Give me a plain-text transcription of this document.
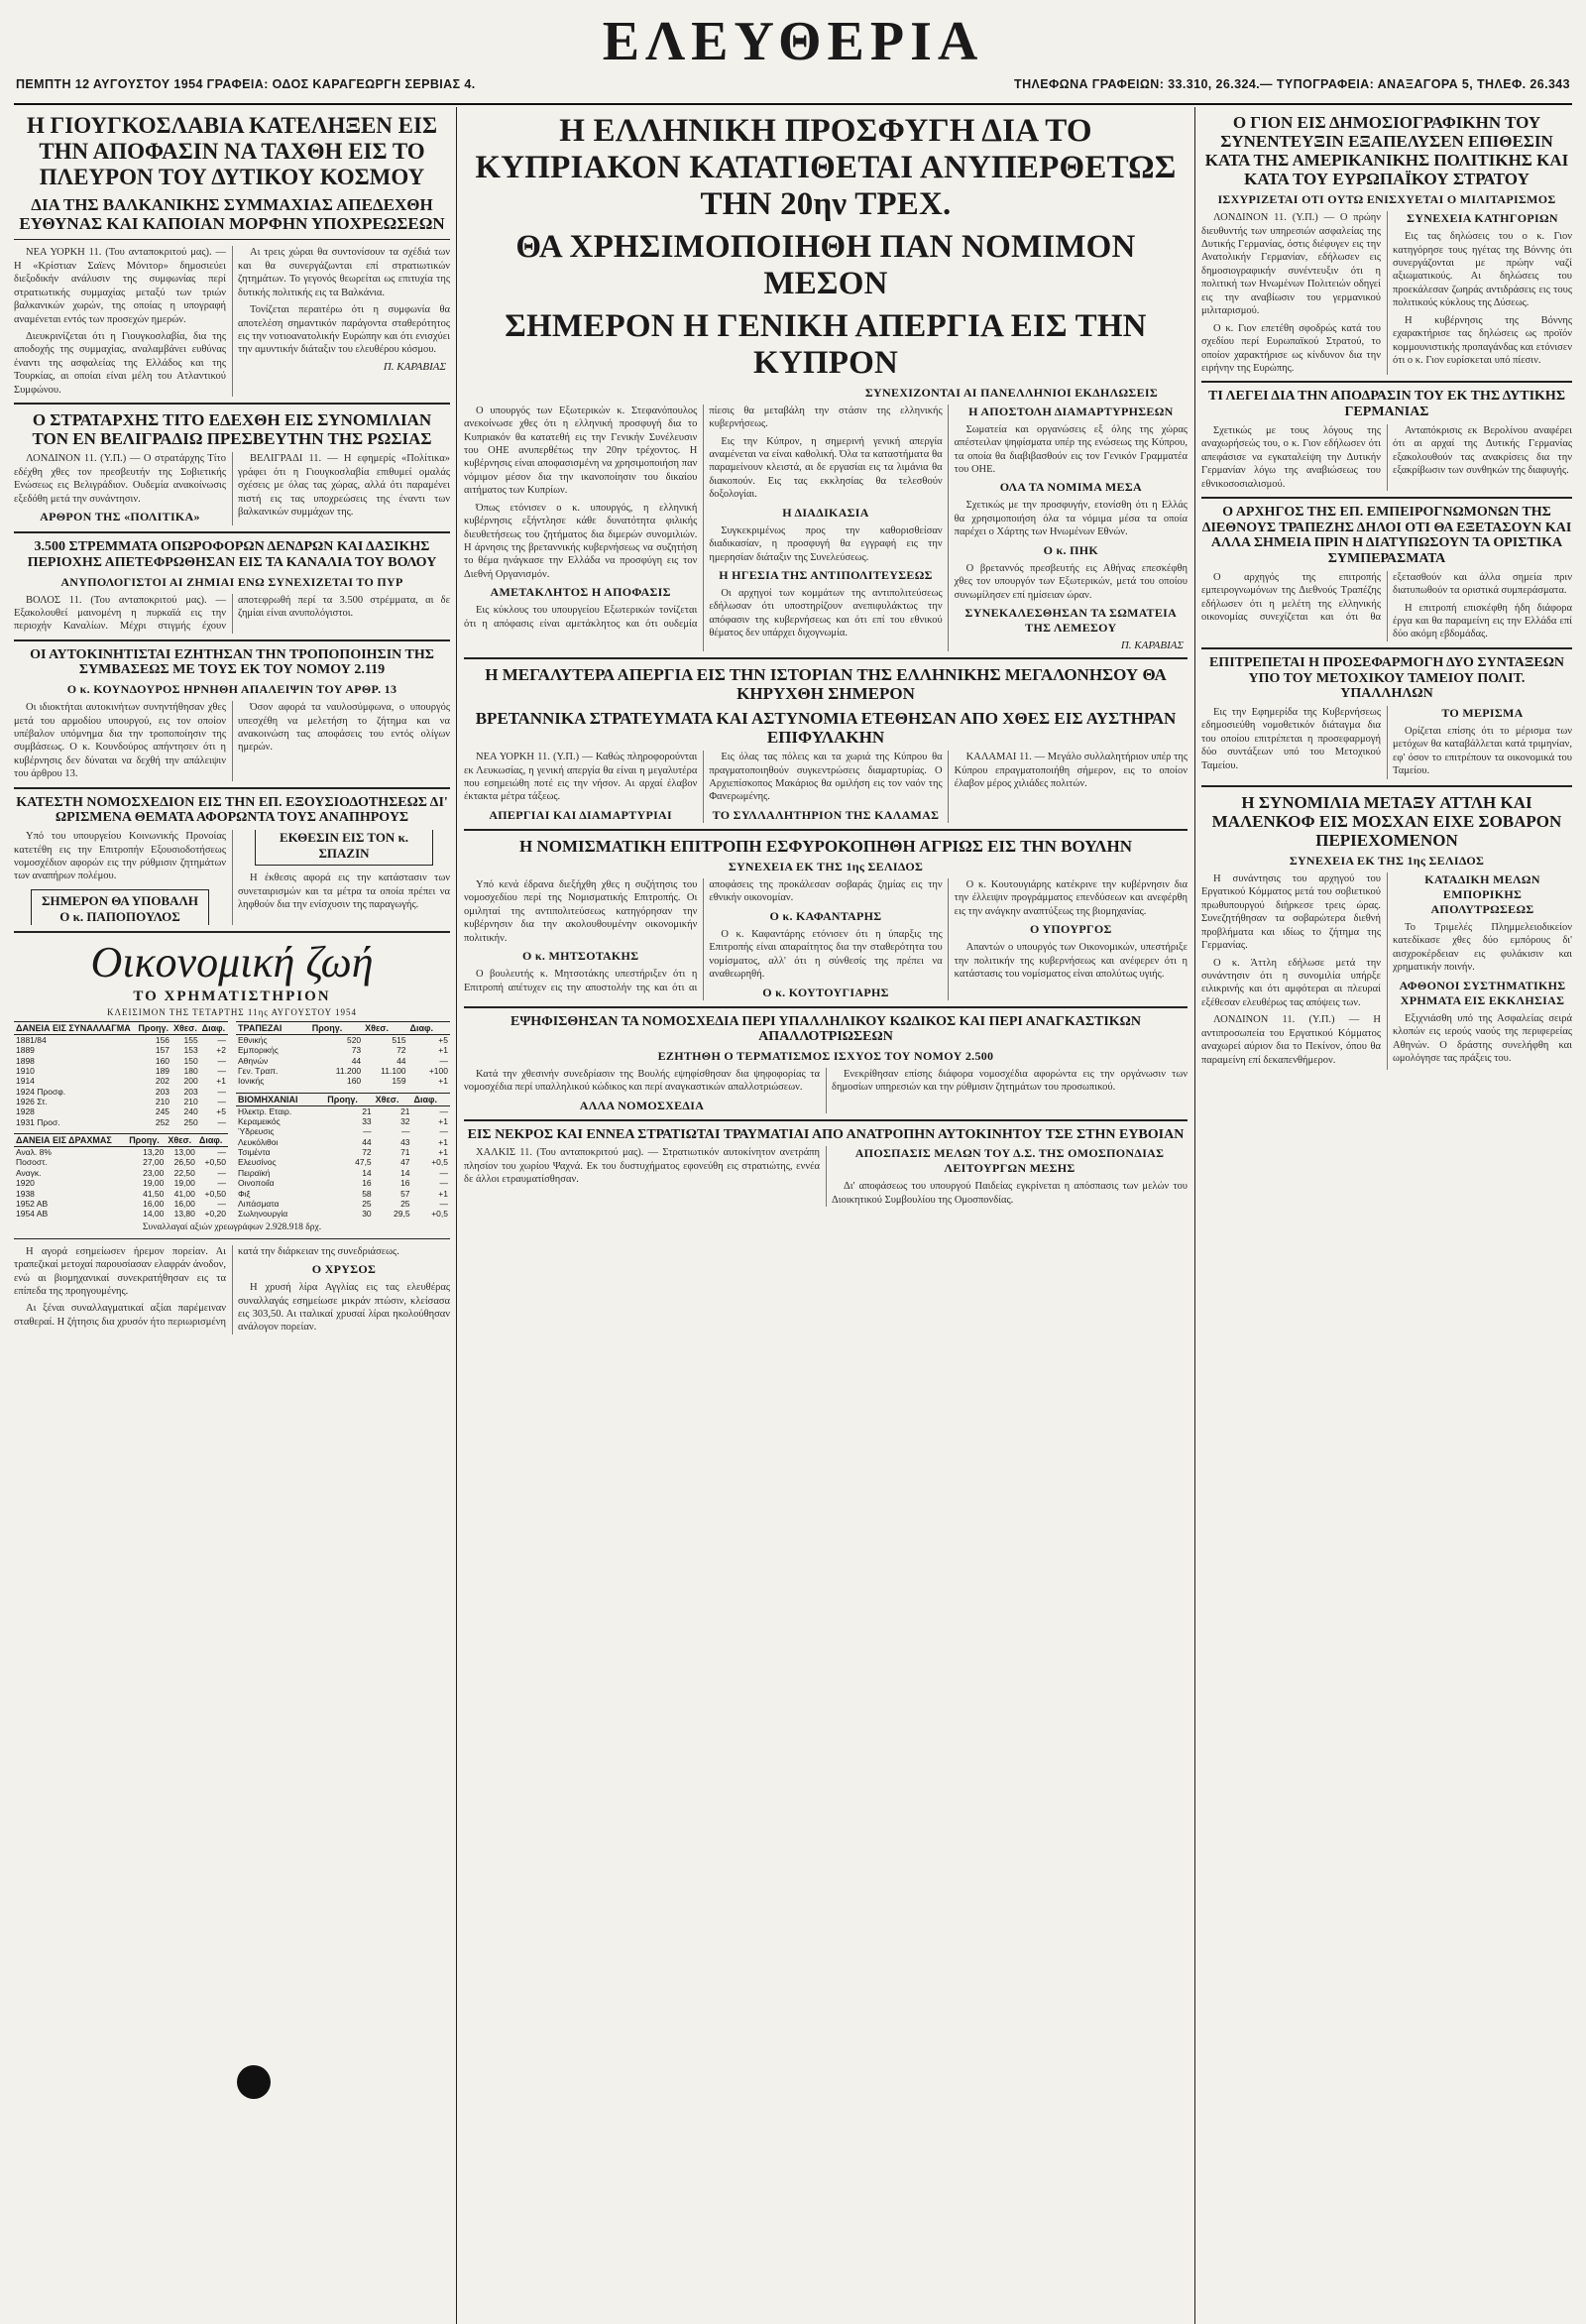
ΠΕΜΠΤΗ 12 ΑΥΓΟΥΣΤΟΥ 1954 ΓΡΑΦΕΙΑ: ΟΔΟΣ ΚΑΡΑΓΕΩΡΓΗ ΣΕΡΒΙΑΣ 4.
ΕΛΕΥΘΕΡΙΑ
ΤΗΛΕΦΩΝΑ ΓΡΑΦΕΙΩΝ: 33.310, 26.324.— ΤΥΠΟΓΡΑΦΕΙΑ: ΑΝΑΞΑΓΟΡΑ 5, ΤΗΛΕΦ. 26.343
Η ΓΙΟΥΓΚΟΣΛΑΒΙΑ ΚΑΤΕΛΗΞΕΝ ΕΙΣ ΤΗΝ ΑΠΟΦΑΣΙΝ ΝΑ ΤΑΧΘΗ ΕΙΣ ΤΟ ΠΛΕΥΡΟΝ ΤΟΥ ΔΥΤΙΚΟΥ ΚΟΣΜΟΥ
ΔΙΑ ΤΗΣ ΒΑΛΚΑΝΙΚΗΣ ΣΥΜΜΑΧΙΑΣ ΑΠΕΔΕΧΘΗ ΕΥΘΥΝΑΣ ΚΑΙ ΚΑΠΟΙΑΝ ΜΟΡΦΗΝ ΥΠΟΧΡΕΩΣΕΩΝ

ΝΕΑ ΥΟΡΚΗ 11. (Του ανταποκριτού μας). — Η «Κρίστιαν Σαϊενς Μόνιτορ» δημοσιεύει διεξοδικήν ανάλυσιν της συμφωνίας περί στρατιωτικής συμμαχίας μεταξύ των τριών βαλκανικών χωρών, της οποίας η υπογραφή αναμένεται εντός των προσεχών ημερών.

Διευκρινίζεται ότι η Γιουγκοσλαβία, δια της αποδοχής της συμμαχίας, αναλαμβάνει ευθύνας έναντι της ασφαλείας της Ελλάδος και της Τουρκίας, αι οποίαι είναι μέλη του Ατλαντικού Συμφώνου.

Αι τρεις χώραι θα συντονίσουν τα σχέδιά των και θα συνεργάζωνται επί στρατιωτικών ζητημάτων. Το γεγονός θεωρείται ως επιτυχία της δυτικής πολιτικής εις τα Βαλκάνια.

Τονίζεται περαιτέρω ότι η συμφωνία θα αποτελέση σημαντικόν παράγοντα σταθερότητος εις την νοτιοανατολικήν Ευρώπην και ότι ενισχύει την αμυντικήν διάταξιν του ελευθέρου κόσμου.

Π. ΚΑΡΑΒΙΑΣ
Ο ΣΤΡΑΤΑΡΧΗΣ ΤΙΤΟ ΕΔΕΧΘΗ ΕΙΣ ΣΥΝΟΜΙΛΙΑΝ ΤΟΝ ΕΝ ΒΕΛΙΓΡΑΔΙΩ ΠΡΕΣΒΕΥΤΗΝ ΤΗΣ ΡΩΣΙΑΣ

ΛΟΝΔΙΝΟΝ 11. (Υ.Π.) — Ο στρατάρχης Τίτο εδέχθη χθες τον πρεσβευτήν της Σοβιετικής Ενώσεως εις Βελιγράδιον. Ουδεμία ανακοίνωσις εξεδόθη μετά την συνάντησιν.

ΑΡΘΡΟΝ ΤΗΣ «ΠΟΛΙΤΙΚΑ»

ΒΕΛΙΓΡΑΔΙ 11. — Η εφημερίς «Πολίτικα» γράφει ότι η Γιουγκοσλαβία επιθυμεί ομαλάς σχέσεις με όλας τας χώρας, αλλά ότι παραμένει πιστή εις τας υποχρεώσεις της έναντι των βαλκανικών συμμάχων της.

3.500 ΣΤΡΕΜΜΑΤΑ ΟΠΩΡΟΦΟΡΩΝ ΔΕΝΔΡΩΝ ΚΑΙ ΔΑΣΙΚΗΣ ΠΕΡΙΟΧΗΣ ΑΠΕΤΕΦΡΩΘΗΣΑΝ ΕΙΣ ΤΑ ΚΑΝΑΛΙΑ ΤΟΥ ΒΟΛΟΥ
ΑΝΥΠΟΛΟΓΙΣΤΟΙ ΑΙ ΖΗΜΙΑΙ ΕΝΩ ΣΥΝΕΧΙΖΕΤΑΙ ΤΟ ΠΥΡ

ΒΟΛΟΣ 11. (Του ανταποκριτού μας). — Εξακολουθεί μαινομένη η πυρκαϊά εις την περιοχήν Καναλίων. Μέχρι στιγμής έχουν αποτεφρωθή περί τα 3.500 στρέμματα, αι δε ζημίαι είναι ανυπολόγιστοι.

ΟΙ ΑΥΤΟΚΙΝΗΤΙΣΤΑΙ ΕΖΗΤΗΣΑΝ ΤΗΝ ΤΡΟΠΟΠΟΙΗΣΙΝ ΤΗΣ ΣΥΜΒΑΣΕΩΣ ΜΕ ΤΟΥΣ ΕΚ ΤΟΥ ΝΟΜΟΥ 2.119
Ο κ. ΚΟΥΝΔΟΥΡΟΣ ΗΡΝΗΘΗ ΑΠΑΛΕΙΨΙΝ ΤΟΥ ΑΡΘΡ. 13

Οι ιδιοκτήται αυτοκινήτων συνηντήθησαν χθες μετά του αρμοδίου υπουργού, εις τον οποίον υπέβαλον υπόμνημα δια την τροποποίησιν της συμβάσεως. Ο κ. Κουνδούρος απήντησεν ότι η κυβέρνησις δεν δύναται να δεχθή την απάλειψιν του άρθρου 13.

Όσον αφορά τα ναυλοσύμφωνα, ο υπουργός υπεσχέθη να μελετήση το ζήτημα και να ανακοινώση τας αποφάσεις του εντός ολίγων ημερών.

ΚΑΤΕΣΤΗ ΝΟΜΟΣΧΕΔΙΟΝ ΕΙΣ ΤΗΝ ΕΠ. ΕΞΟΥΣΙΟΔΟΤΗΣΕΩΣ ΔΙ' ΩΡΙΣΜΕΝΑ ΘΕΜΑΤΑ ΑΦΟΡΩΝΤΑ ΤΟΥΣ ΑΝΑΠΗΡΟΥΣ

Υπό του υπουργείου Κοινωνικής Προνοίας κατετέθη εις την Επιτροπήν Εξουσιοδοτήσεως νομοσχέδιον αφορών εις την ρύθμισιν ζητημάτων των αναπήρων πολέμου.

ΣΗΜΕΡΟΝ ΘΑ ΥΠΟΒΑΛΗ Ο κ. ΠΑΠΟΠΟΥΛΟΣ ΕΚΘΕΣΙΝ ΕΙΣ ΤΟΝ κ. ΣΠΑΖΙΝ

Η έκθεσις αφορά εις την κατάστασιν των συνεταιρισμών και τα μέτρα τα οποία πρέπει να ληφθούν δια την ενίσχυσιν της παραγωγής.

Οικονομική ζωή
ΤΟ ΧΡΗΜΑΤΙΣΤΗΡΙΟΝ
ΚΛΕΙΣΙΜΟΝ ΤΗΣ ΤΕΤΑΡΤΗΣ 11ης ΑΥΓΟΥΣΤΟΥ 1954
ΔΑΝΕΙΑ ΕΙΣ ΣΥΝΑΛΛΑΓΜΑ	Προηγ.	Χθεσ.	Διαφ.
1881/84	156	155	—
1889	157	153	+2
1898	160	150	—
1910	189	180	—
1914	202	200	+1
1924 Προσφ.	203	203	—
1926 Στ.	210	210	—
1928	245	240	+5
1931 Προσ.	252	250	—
ΔΑΝΕΙΑ ΕΙΣ ΔΡΑΧΜΑΣ	Προηγ.	Χθεσ.	Διαφ.
Αναλ. 8%	13,20	13,00	—
Ποσοστ.	27,00	26,50	+0,50
Αναγκ.	23,00	22,50	—
1920	19,00	19,00	—
1938	41,50	41,00	+0,50
1952 ΑΒ	16,00	16,00	—
1954 ΑΒ	14,00	13,80	+0,20
ΤΡΑΠΕΖΑΙ	Προηγ.	Χθεσ.	Διαφ.
Εθνικής	520	515	+5
Εμπορικής	73	72	+1
Αθηνών	44	44	—
Γεν. Τραπ.	11.200	11.100	+100
Ιονικής	160	159	+1
ΒΙΟΜΗΧΑΝΙΑΙ	Προηγ.	Χθεσ.	Διαφ.
Ηλεκτρ. Εταιρ.	21	21	—
Κεραμεικός	33	32	+1
Ύδρευσις	—	—	—
Λευκόλιθοι	44	43	+1
Τσιμέντα	72	71	+1
Ελευσίνος	47,5	47	+0,5
Πειραϊκή	14	14	—
Οινοποιΐα	16	16	—
Φιξ	58	57	+1
Λιπάσματα	25	25	—
Σωληνουργία	30	29,5	+0,5
Συναλλαγαί αξιών χρεωγράφων 2.928.918 δρχ.

Η αγορά εσημείωσεν ήρεμον πορείαν. Αι τραπεζικαί μετοχαί παρουσίασαν ελαφράν άνοδον, ενώ αι βιομηχανικαί συνεκρατήθησαν εις τα επίπεδα της προηγουμένης.

Αι ξέναι συναλλαγματικαί αξίαι παρέμειναν σταθεραί. Η ζήτησις δια χρυσόν ήτο περιωρισμένη κατά την διάρκειαν της συνεδριάσεως.

Ο ΧΡΥΣΟΣ

Η χρυσή λίρα Αγγλίας εις τας ελευθέρας συναλλαγάς εσημείωσε μικράν πτώσιν, κλείσασα εις 303,50. Αι ιταλικαί χρυσαί λίραι ηκολούθησαν ανάλογον πορείαν.

Η ΕΛΛΗΝΙΚΗ ΠΡΟΣΦΥΓΗ ΔΙΑ ΤΟ ΚΥΠΡΙΑΚΟΝ ΚΑΤΑΤΙΘΕΤΑΙ ΑΝΥΠΕΡΘΕΤΩΣ ΤΗΝ 20ην ΤΡΕΧ.
ΘΑ ΧΡΗΣΙΜΟΠΟΙΗΘΗ ΠΑΝ ΝΟΜΙΜΟΝ ΜΕΣΟΝ
ΣΗΜΕΡΟΝ Η ΓΕΝΙΚΗ ΑΠΕΡΓΙΑ ΕΙΣ ΤΗΝ ΚΥΠΡΟΝ
ΣΥΝΕΧΙΖΟΝΤΑΙ ΑΙ ΠΑΝΕΛΛΗΝΙΟΙ ΕΚΔΗΛΩΣΕΙΣ

Ο υπουργός των Εξωτερικών κ. Στεφανόπουλος ανεκοίνωσε χθες ότι η ελληνική προσφυγή δια το Κυπριακόν θα κατατεθή εις την Γενικήν Συνέλευσιν του ΟΗΕ ανυπερθέτως την 20ην τρέχοντος. Η κυβέρνησις είναι αποφασισμένη να χρησιμοποιήση παν νόμιμον μέσον δια την ικανοποίησιν του δικαίου αιτήματος των Κυπρίων.

Όπως ετόνισεν ο κ. υπουργός, η ελληνική κυβέρνησις εξήντλησε κάθε δυνατότητα φιλικής διευθετήσεως του ζητήματος δια διμερών συνομιλιών. Η άρνησις της βρεταννικής κυβερνήσεως να συζητήση το θέμα ηνάγκασε την Ελλάδα να προσφύγη εις τον Διεθνή Οργανισμόν.

ΑΜΕΤΑΚΛΗΤΟΣ Η ΑΠΟΦΑΣΙΣ

Εις κύκλους του υπουργείου Εξωτερικών τονίζεται ότι η απόφασις είναι αμετάκλητος και ότι ουδεμία πίεσις θα μεταβάλη την στάσιν της ελληνικής κυβερνήσεως.

Εις την Κύπρον, η σημερινή γενική απεργία αναμένεται να είναι καθολική. Όλα τα καταστήματα θα παραμείνουν κλειστά, αι δε εργασίαι εις τα λιμάνια θα διακοπούν. Εις τας εκκλησίας θα τελεσθούν δοξολογίαι.

Η ΔΙΑΔΙΚΑΣΙΑ

Συγκεκριμένως προς την καθορισθείσαν διαδικασίαν, η προσφυγή θα εγγραφή εις την ημερησίαν διάταξιν της Συνελεύσεως.

Η ΗΓΕΣΙΑ ΤΗΣ ΑΝΤΙΠΟΛΙΤΕΥΣΕΩΣ

Οι αρχηγοί των κομμάτων της αντιπολιτεύσεως εδήλωσαν ότι υποστηρίζουν ανεπιφυλάκτως την απόφασιν της κυβερνήσεως και ότι επί του εθνικού θέματος δεν υπάρχει διχογνωμία.

Η ΑΠΟΣΤΟΛΗ ΔΙΑΜΑΡΤΥΡΗΣΕΩΝ

Σωματεία και οργανώσεις εξ όλης της χώρας απέστειλαν ψηφίσματα υπέρ της ενώσεως της Κύπρου, τα οποία θα διαβιβασθούν εις τον Γενικόν Γραμματέα του ΟΗΕ.

ΟΛΑ ΤΑ ΝΟΜΙΜΑ ΜΕΣΑ

Σχετικώς με την προσφυγήν, ετονίσθη ότι η Ελλάς θα χρησιμοποιήση όλα τα νόμιμα μέσα τα οποία παρέχει ο Χάρτης των Ηνωμένων Εθνών.

Ο κ. ΠΗΚ

Ο βρεταννός πρεσβευτής εις Αθήνας επεσκέφθη χθες τον υπουργόν των Εξωτερικών, μετά του οποίου συνωμίλησεν επί ημίσειαν ώραν.

ΣΥΝΕΚΑΛΕΣΘΗΣΑΝ ΤΑ ΣΩΜΑΤΕΙΑ ΤΗΣ ΛΕΜΕΣΟΥ
Π. ΚΑΡΑΒΙΑΣ
Η ΜΕΓΑΛΥΤΕΡΑ ΑΠΕΡΓΙΑ ΕΙΣ ΤΗΝ ΙΣΤΟΡΙΑΝ ΤΗΣ ΕΛΛΗΝΙΚΗΣ ΜΕΓΑΛΟΝΗΣΟΥ ΘΑ ΚΗΡΥΧΘΗ ΣΗΜΕΡΟΝ
ΒΡΕΤΑΝΝΙΚΑ ΣΤΡΑΤΕΥΜΑΤΑ ΚΑΙ ΑΣΤΥΝΟΜΙΑ ΕΤΕΘΗΣΑΝ ΑΠΟ ΧΘΕΣ ΕΙΣ ΑΥΣΤΗΡΑΝ ΕΠΙΦΥΛΑΚΗΝ

ΝΕΑ ΥΟΡΚΗ 11. (Υ.Π.) — Καθώς πληροφορούνται εκ Λευκωσίας, η γενική απεργία θα είναι η μεγαλυτέρα που εσημειώθη ποτέ εις την νήσον. Αι αρχαί έλαβον έκτακτα μέτρα τάξεως.

ΑΠΕΡΓΙΑΙ ΚΑΙ ΔΙΑΜΑΡΤΥΡΙΑΙ

Εις όλας τας πόλεις και τα χωριά της Κύπρου θα πραγματοποιηθούν συγκεντρώσεις διαμαρτυρίας. Ο Αρχιεπίσκοπος Μακάριος θα ομιλήση εις τον ναόν της Φανερωμένης.

ΤΟ ΣΥΛΛΑΛΗΤΗΡΙΟΝ ΤΗΣ ΚΑΛΑΜΑΣ

ΚΑΛΑΜΑΙ 11. — Μεγάλο συλλαλητήριον υπέρ της Κύπρου επραγματοποιήθη σήμερον, εις το οποίον έλαβον μέρος χιλιάδες πολιτών.

Η ΝΟΜΙΣΜΑΤΙΚΗ ΕΠΙΤΡΟΠΗ ΕΣΦΥΡΟΚΟΠΗΘΗ ΑΓΡΙΩΣ ΕΙΣ ΤΗΝ ΒΟΥΛΗΝ
ΣΥΝΕΧΕΙΑ ΕΚ ΤΗΣ 1ης ΣΕΛΙΔΟΣ

Υπό κενά έδρανα διεξήχθη χθες η συζήτησις του νομοσχεδίου περί της Νομισματικής Επιτροπής. Οι ομιληταί της αντιπολιτεύσεως κατηγόρησαν την κυβέρνησιν δια την ακολουθουμένην οικονομικήν πολιτικήν.

Ο κ. ΜΗΤΣΟΤΑΚΗΣ

Ο βουλευτής κ. Μητσοτάκης υπεστήριξεν ότι η Επιτροπή απέτυχεν εις την αποστολήν της και ότι αι αποφάσεις της προκάλεσαν σοβαράς ζημίας εις την εθνικήν οικονομίαν.

Ο κ. ΚΑΦΑΝΤΑΡΗΣ

Ο κ. Καφαντάρης ετόνισεν ότι η ύπαρξις της Επιτροπής είναι απαραίτητος δια την σταθερότητα του νομίσματος, αλλ' ότι η σύνθεσίς της πρέπει να αναθεωρηθή.

Ο κ. ΚΟΥΤΟΥΓΙΑΡΗΣ

Ο κ. Κουτουγιάρης κατέκρινε την κυβέρνησιν δια την έλλειψιν προγράμματος επενδύσεων και ανεφέρθη εις την ανάγκην αναπτύξεως της βιομηχανίας.

Ο ΥΠΟΥΡΓΟΣ

Απαντών ο υπουργός των Οικονομικών, υπεστήριξε την πολιτικήν της κυβερνήσεως και ανέφερεν ότι η κατάστασις του νομίσματος είναι απολύτως υγιής.

ΕΨΗΦΙΣΘΗΣΑΝ ΤΑ ΝΟΜΟΣΧΕΔΙΑ ΠΕΡΙ ΥΠΑΛΛΗΛΙΚΟΥ ΚΩΔΙΚΟΣ ΚΑΙ ΠΕΡΙ ΑΝΑΓΚΑΣΤΙΚΩΝ ΑΠΑΛΛΟΤΡΙΩΣΕΩΝ
ΕΖΗΤΗΘΗ Ο ΤΕΡΜΑΤΙΣΜΟΣ ΙΣΧΥΟΣ ΤΟΥ ΝΟΜΟΥ 2.500

Κατά την χθεσινήν συνεδρίασιν της Βουλής εψηφίσθησαν δια ψηφοφορίας τα νομοσχέδια περί υπαλληλικού κώδικος και περί αναγκαστικών απαλλοτριώσεων.

ΑΛΛΑ ΝΟΜΟΣΧΕΔΙΑ

Ενεκρίθησαν επίσης διάφορα νομοσχέδια αφορώντα εις την οργάνωσιν των δημοσίων υπηρεσιών και την ρύθμισιν ζητημάτων του προσωπικού.

ΕΙΣ ΝΕΚΡΟΣ ΚΑΙ ΕΝΝΕΑ ΣΤΡΑΤΙΩΤΑΙ ΤΡΑΥΜΑΤΙΑΙ ΑΠΟ ΑΝΑΤΡΟΠΗΝ ΑΥΤΟΚΙΝΗΤΟΥ ΤΣΕ ΣΤΗΝ ΕΥΒΟΙΑΝ

ΧΑΛΚΙΣ 11. (Του ανταποκριτού μας). — Στρατιωτικόν αυτοκίνητον ανετράπη πλησίον του χωρίου Ψαχνά. Εκ του δυστυχήματος εφονεύθη εις στρατιώτης, εννέα δε άλλοι ετραυματίσθησαν.

ΑΠΟΣΠΑΣΙΣ ΜΕΛΩΝ ΤΟΥ Δ.Σ. ΤΗΣ ΟΜΟΣΠΟΝΔΙΑΣ ΛΕΙΤΟΥΡΓΩΝ ΜΕΣΗΣ

Δι' αποφάσεως του υπουργού Παιδείας εγκρίνεται η απόσπασις των μελών του Διοικητικού Συμβουλίου της Ομοσπονδίας.

Ο ΓΙΟΝ ΕΙΣ ΔΗΜΟΣΙΟΓΡΑΦΙΚΗΝ ΤΟΥ ΣΥΝΕΝΤΕΥΞΙΝ ΕΞΑΠΕΛΥΣΕΝ ΕΠΙΘΕΣΙΝ ΚΑΤΑ ΤΗΣ ΑΜΕΡΙΚΑΝΙΚΗΣ ΠΟΛΙΤΙΚΗΣ ΚΑΙ ΚΑΤΑ ΤΟΥ ΕΥΡΩΠΑΪΚΟΥ ΣΤΡΑΤΟΥ
ΙΣΧΥΡΙΖΕΤΑΙ ΟΤΙ ΟΥΤΩ ΕΝΙΣΧΥΕΤΑΙ Ο ΜΙΛΙΤΑΡΙΣΜΟΣ

ΛΟΝΔΙΝΟΝ 11. (Υ.Π.) — Ο πρώην διευθυντής των υπηρεσιών ασφαλείας της Δυτικής Γερμανίας, όστις διέφυγεν εις την Ανατολικήν Γερμανίαν, εδήλωσεν εις δημοσιογραφικήν συνέντευξιν ότι η πολιτική των Ηνωμένων Πολιτειών οδηγεί εις την αναβίωσιν του γερμανικού μιλιταρισμού.

Ο κ. Γιον επετέθη σφοδρώς κατά του σχεδίου περί Ευρωπαϊκού Στρατού, το οποίον χαρακτήρισε ως κίνδυνον δια την ειρήνην της Ευρώπης.

ΣΥΝΕΧΕΙΑ ΚΑΤΗΓΟΡΙΩΝ

Εις τας δηλώσεις του ο κ. Γιον κατηγόρησε τους ηγέτας της Βόννης ότι συνεργάζονται με πρώην ναζί αξιωματικούς. Αι δηλώσεις του προεκάλεσαν ζωηράς αντιδράσεις εις τους πολιτικούς κύκλους της Δύσεως.

Η κυβέρνησις της Βόννης εχαρακτήρισε τας δηλώσεις ως προϊόν κομμουνιστικής προπαγάνδας και ετόνισεν ότι ο κ. Γιον ευρίσκεται υπό πίεσιν.

ΤΙ ΛΕΓΕΙ ΔΙΑ ΤΗΝ ΑΠΟΔΡΑΣΙΝ ΤΟΥ ΕΚ ΤΗΣ ΔΥΤΙΚΗΣ ΓΕΡΜΑΝΙΑΣ

Σχετικώς με τους λόγους της αναχωρήσεώς του, ο κ. Γιον εδήλωσεν ότι απεφάσισε να εγκαταλείψη την Δυτικήν Γερμανίαν λόγω της αναβιώσεως του εθνικοσοσιαλισμού.

Ανταπόκρισις εκ Βερολίνου αναφέρει ότι αι αρχαί της Δυτικής Γερμανίας εξακολουθούν τας ανακρίσεις δια την εξακρίβωσιν των συνθηκών της διαφυγής.

Ο ΑΡΧΗΓΟΣ ΤΗΣ ΕΠ. ΕΜΠΕΙΡΟΓΝΩΜΟΝΩΝ ΤΗΣ ΔΙΕΘΝΟΥΣ ΤΡΑΠΕΖΗΣ ΔΗΛΟΙ ΟΤΙ ΘΑ ΕΞΕΤΑΣΟΥΝ ΚΑΙ ΑΛΛΑ ΣΗΜΕΙΑ ΠΡΙΝ Η ΔΙΑΤΥΠΩΣΟΥΝ ΤΑ ΟΡΙΣΤΙΚΑ ΣΥΜΠΕΡΑΣΜΑΤΑ

Ο αρχηγός της επιτροπής εμπειρογνωμόνων της Διεθνούς Τραπέζης εδήλωσεν ότι η μελέτη της ελληνικής οικονομίας συνεχίζεται και ότι θα εξετασθούν και άλλα σημεία πριν διατυπωθούν τα οριστικά συμπεράσματα.

Η επιτροπή επισκέφθη ήδη διάφορα έργα και θα παραμείνη εις την Ελλάδα επί δύο ακόμη εβδομάδας.

ΕΠΙΤΡΕΠΕΤΑΙ Η ΠΡΟΣΕΦΑΡΜΟΓΗ ΔΥΟ ΣΥΝΤΑΞΕΩΝ ΥΠΟ ΤΟΥ ΜΕΤΟΧΙΚΟΥ ΤΑΜΕΙΟΥ ΠΟΛΙΤ. ΥΠΑΛΛΗΛΩΝ

Εις την Εφημερίδα της Κυβερνήσεως εδημοσιεύθη νομοθετικόν διάταγμα δια του οποίου επιτρέπεται η προσεφαρμογή δύο συντάξεων υπό του Μετοχικού Ταμείου.

ΤΟ ΜΕΡΙΣΜΑ

Ορίζεται επίσης ότι το μέρισμα των μετόχων θα καταβάλλεται κατά τριμηνίαν, εφ' όσον το επιτρέπουν τα οικονομικά του Ταμείου.

Η ΣΥΝΟΜΙΛΙΑ ΜΕΤΑΞΥ ΑΤΤΛΗ ΚΑΙ ΜΑΛΕΝΚΟΦ ΕΙΣ ΜΟΣΧΑΝ ΕΙΧΕ ΣΟΒΑΡΟΝ ΠΕΡΙΕΧΟΜΕΝΟΝ
ΣΥΝΕΧΕΙΑ ΕΚ ΤΗΣ 1ης ΣΕΛΙΔΟΣ

Η συνάντησις του αρχηγού του Εργατικού Κόμματος μετά του σοβιετικού πρωθυπουργού διήρκεσε τρεις ώρας. Συνεζητήθησαν τα σοβαρώτερα διεθνή προβλήματα και ιδίως το ζήτημα της Γερμανίας.

Ο κ. Άττλη εδήλωσε μετά την συνάντησιν ότι η συνομιλία υπήρξε ειλικρινής και ότι αμφότεραι αι πλευραί εξέθεσαν ελευθέρως τας απόψεις των.

ΛΟΝΔΙΝΟΝ 11. (Υ.Π.) — Η αντιπροσωπεία του Εργατικού Κόμματος αναχωρεί αύριον δια το Πεκίνον, όπου θα παραμείνη επί δεκαπενθήμερον.

ΚΑΤΑΔΙΚΗ ΜΕΛΩΝ ΕΜΠΟΡΙΚΗΣ ΑΠΟΛΥΤΡΩΣΕΩΣ

Το Τριμελές Πλημμελειοδικείον κατεδίκασε χθες δύο εμπόρους δι' αισχροκέρδειαν εις φυλάκισιν και χρηματικήν ποινήν.

ΑΦΘΟΝΟΙ ΣΥΣΤΗΜΑΤΙΚΗΣ ΧΡΗΜΑΤΑ ΕΙΣ ΕΚΚΛΗΣΙΑΣ

Εξιχνιάσθη υπό της Ασφαλείας σειρά κλοπών εις ιερούς ναούς της περιφερείας Αθηνών. Ο δράστης συνελήφθη και ωμολόγησε τας πράξεις του.
